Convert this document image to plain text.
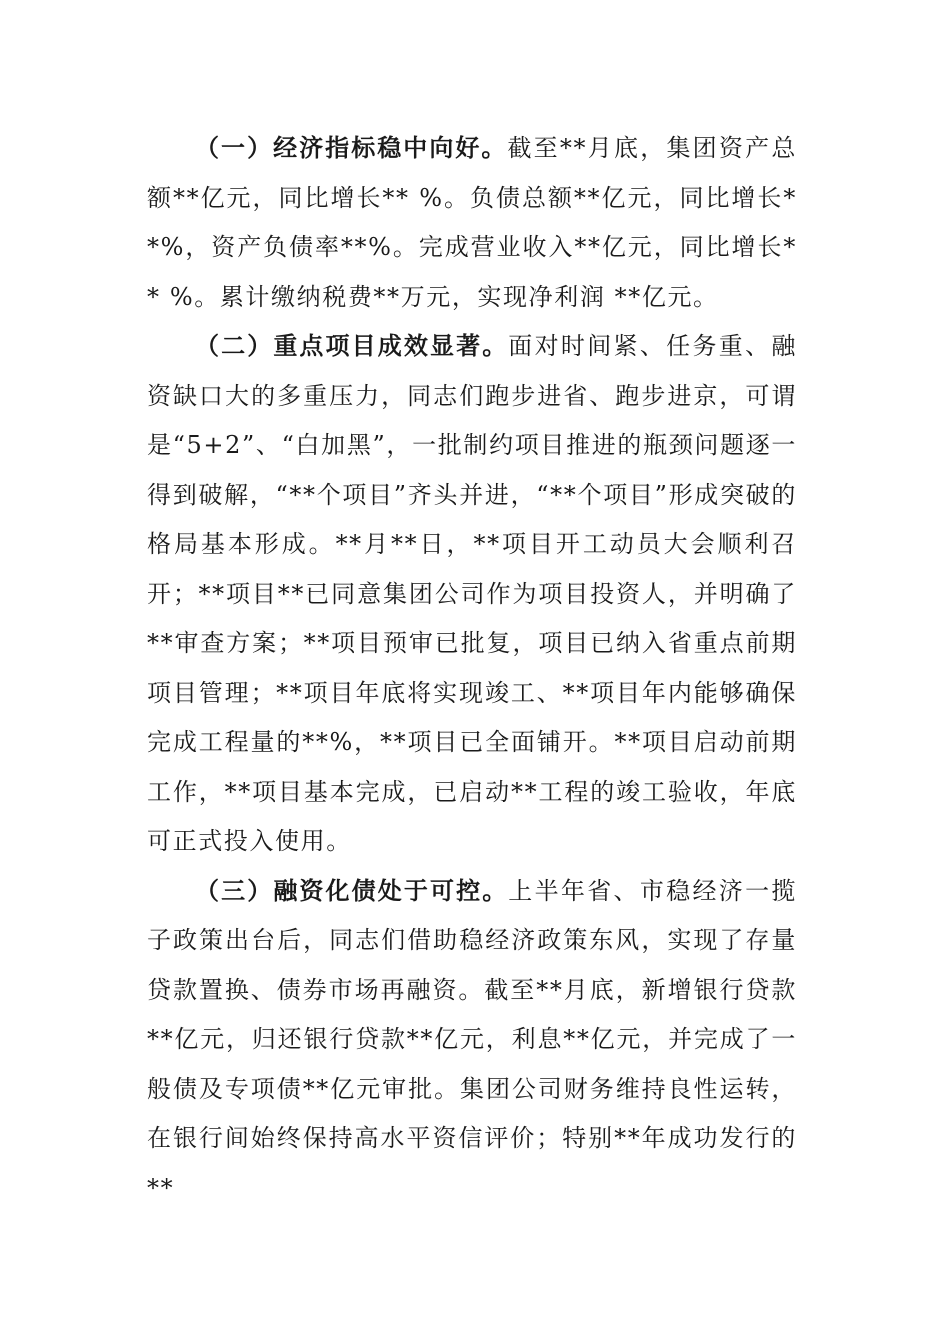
（一）经济指标稳中向好。截至**月底，集团资产总额**亿元，同比增长** %。负债总额**亿元，同比增长**%，资产负债率**%。完成营业收入**亿元，同比增长** %。累计缴纳税费**万元，实现净利润 **亿元。

（二）重点项目成效显著。面对时间紧、任务重、融资缺口大的多重压力，同志们跑步进省、跑步进京，可谓是“5+2”、“白加黑”，一批制约项目推进的瓶颈问题逐一得到破解，“**个项目”齐头并进，“**个项目”形成突破的格局基本形成。**月**日，**项目开工动员大会顺利召开；**项目**已同意集团公司作为项目投资人，并明确了**审查方案；**项目预审已批复，项目已纳入省重点前期项目管理；**项目年底将实现竣工、**项目年内能够确保完成工程量的**%，**项目已全面铺开。**项目启动前期工作，**项目基本完成，已启动**工程的竣工验收，年底可正式投入使用。

（三）融资化债处于可控。上半年省、市稳经济一揽子政策出台后，同志们借助稳经济政策东风，实现了存量贷款置换、债券市场再融资。截至**月底，新增银行贷款**亿元，归还银行贷款**亿元，利息**亿元，并完成了一般债及专项债**亿元审批。集团公司财务维持良性运转，在银行间始终保持高水平资信评价；特别**年成功发行的**
